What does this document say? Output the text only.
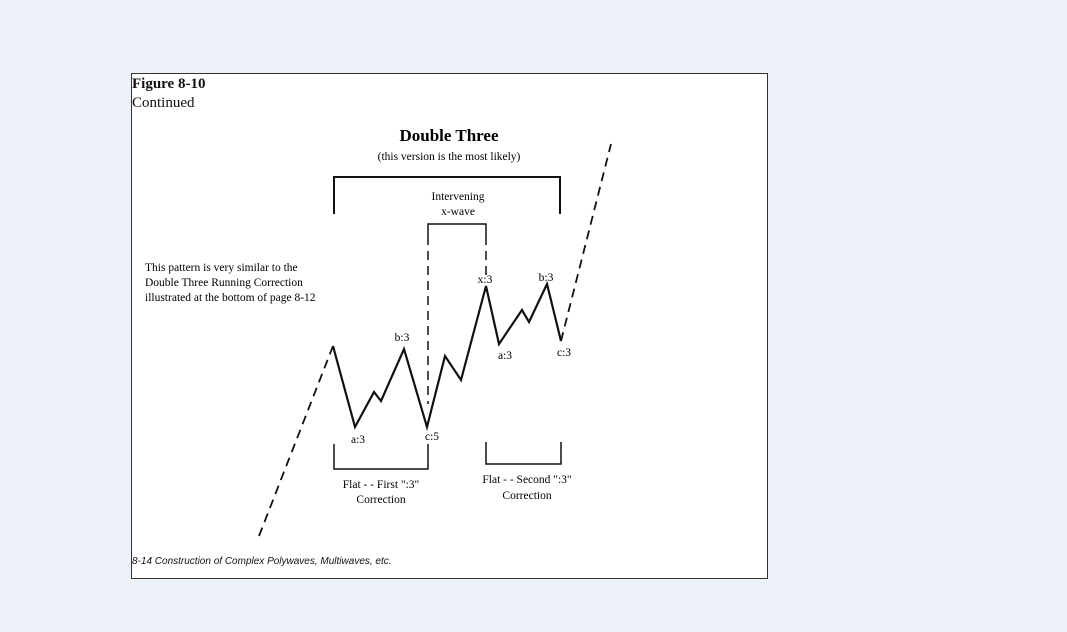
Figure 8-10
Continued
Double Three
(this version is the most likely)
Intervening
x-wave
a:3
b:3
c:5
x:3
a:3
b:3
c:3
This pattern is very similar to the
Double Three Running Correction
illustrated at the bottom of page 8-12
Flat - - First ":3"
Correction
Flat - - Second ":3"
Correction
8-14 Construction of Complex Polywaves, Multiwaves, etc.
